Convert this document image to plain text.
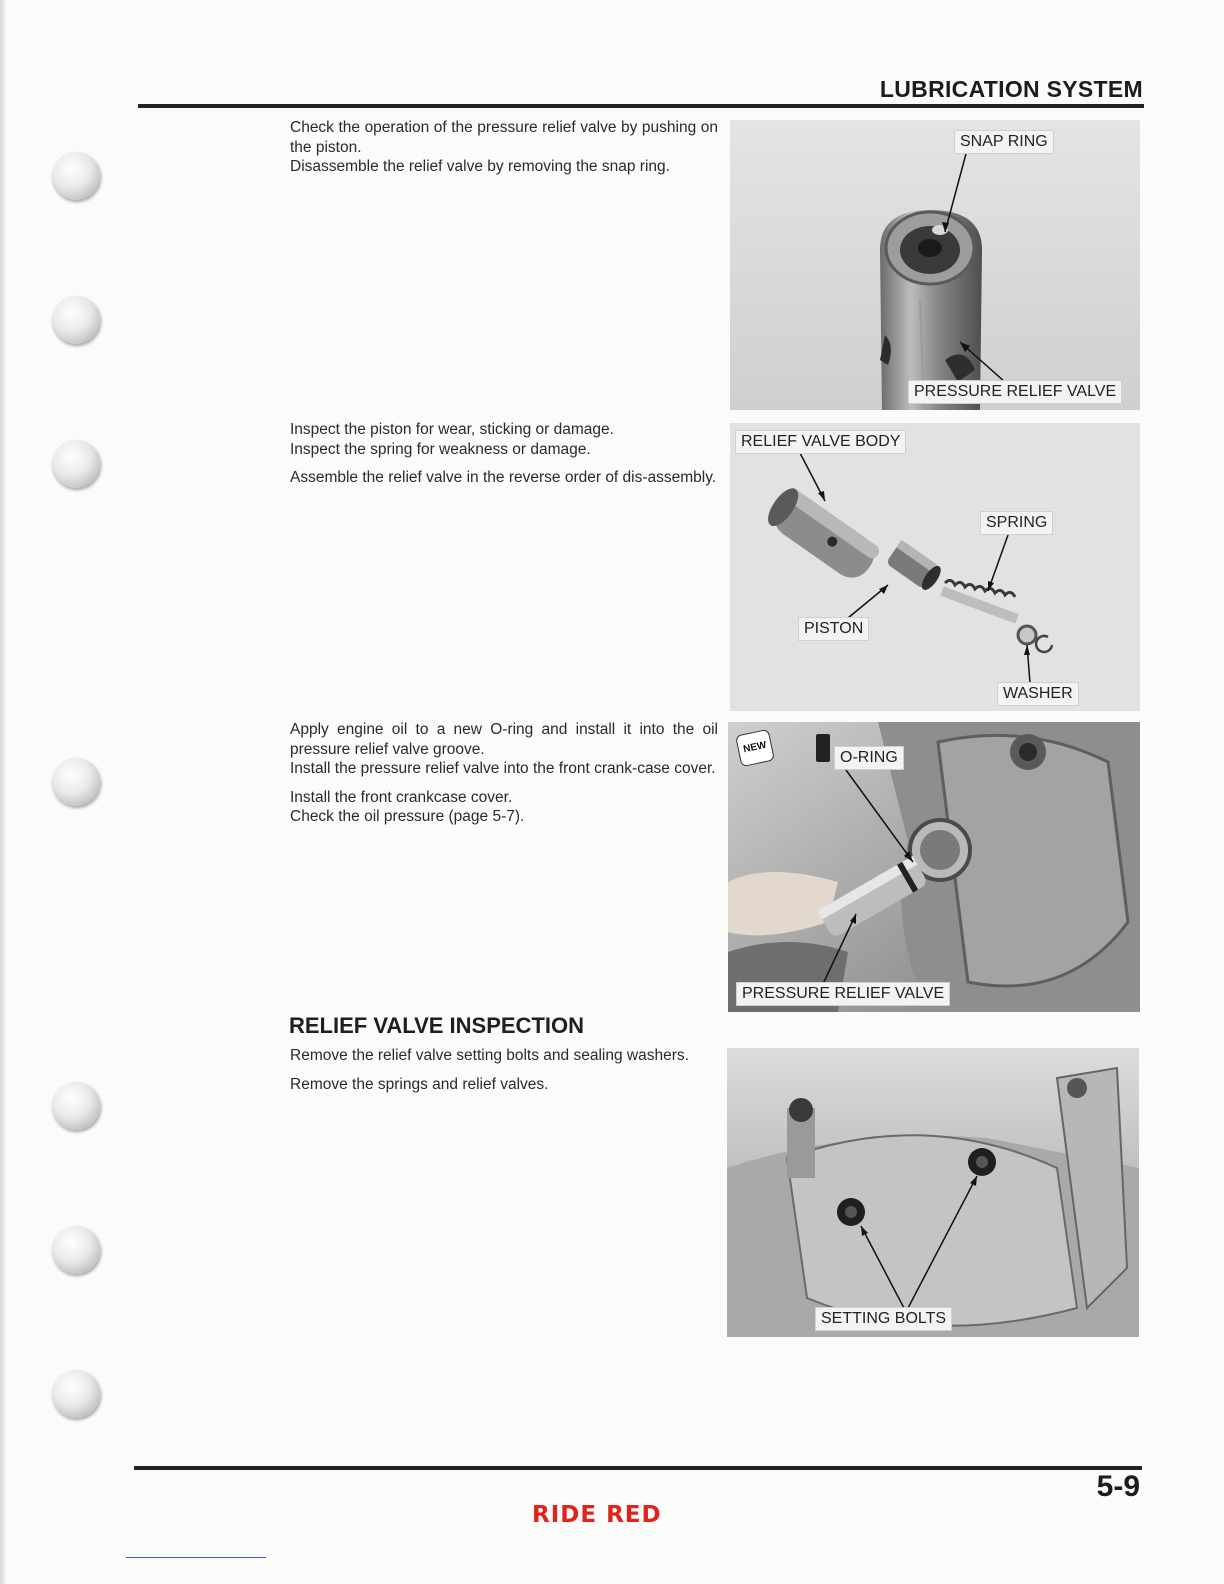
LUBRICATION SYSTEM

Check the operation of the pressure relief valve by pushing on the piston.

Disassemble the relief valve by removing the snap ring.

Inspect the piston for wear, sticking or damage.

Inspect the spring for weakness or damage.

Assemble the relief valve in the reverse order of dis-assembly.

Apply engine oil to a new O-ring and install it into the oil pressure relief valve groove.

Install the pressure relief valve into the front crank-case cover.

Install the front crankcase cover.

Check the oil pressure (page 5-7).

RELIEF VALVE INSPECTION

Remove the relief valve setting bolts and sealing washers.

Remove the springs and relief valves.

SNAP RING
PRESSURE RELIEF VALVE
RELIEF VALVE BODY
SPRING
PISTON
WASHER
NEW
O-RING
PRESSURE RELIEF VALVE
SETTING BOLTS
5-9
RIDE RED
